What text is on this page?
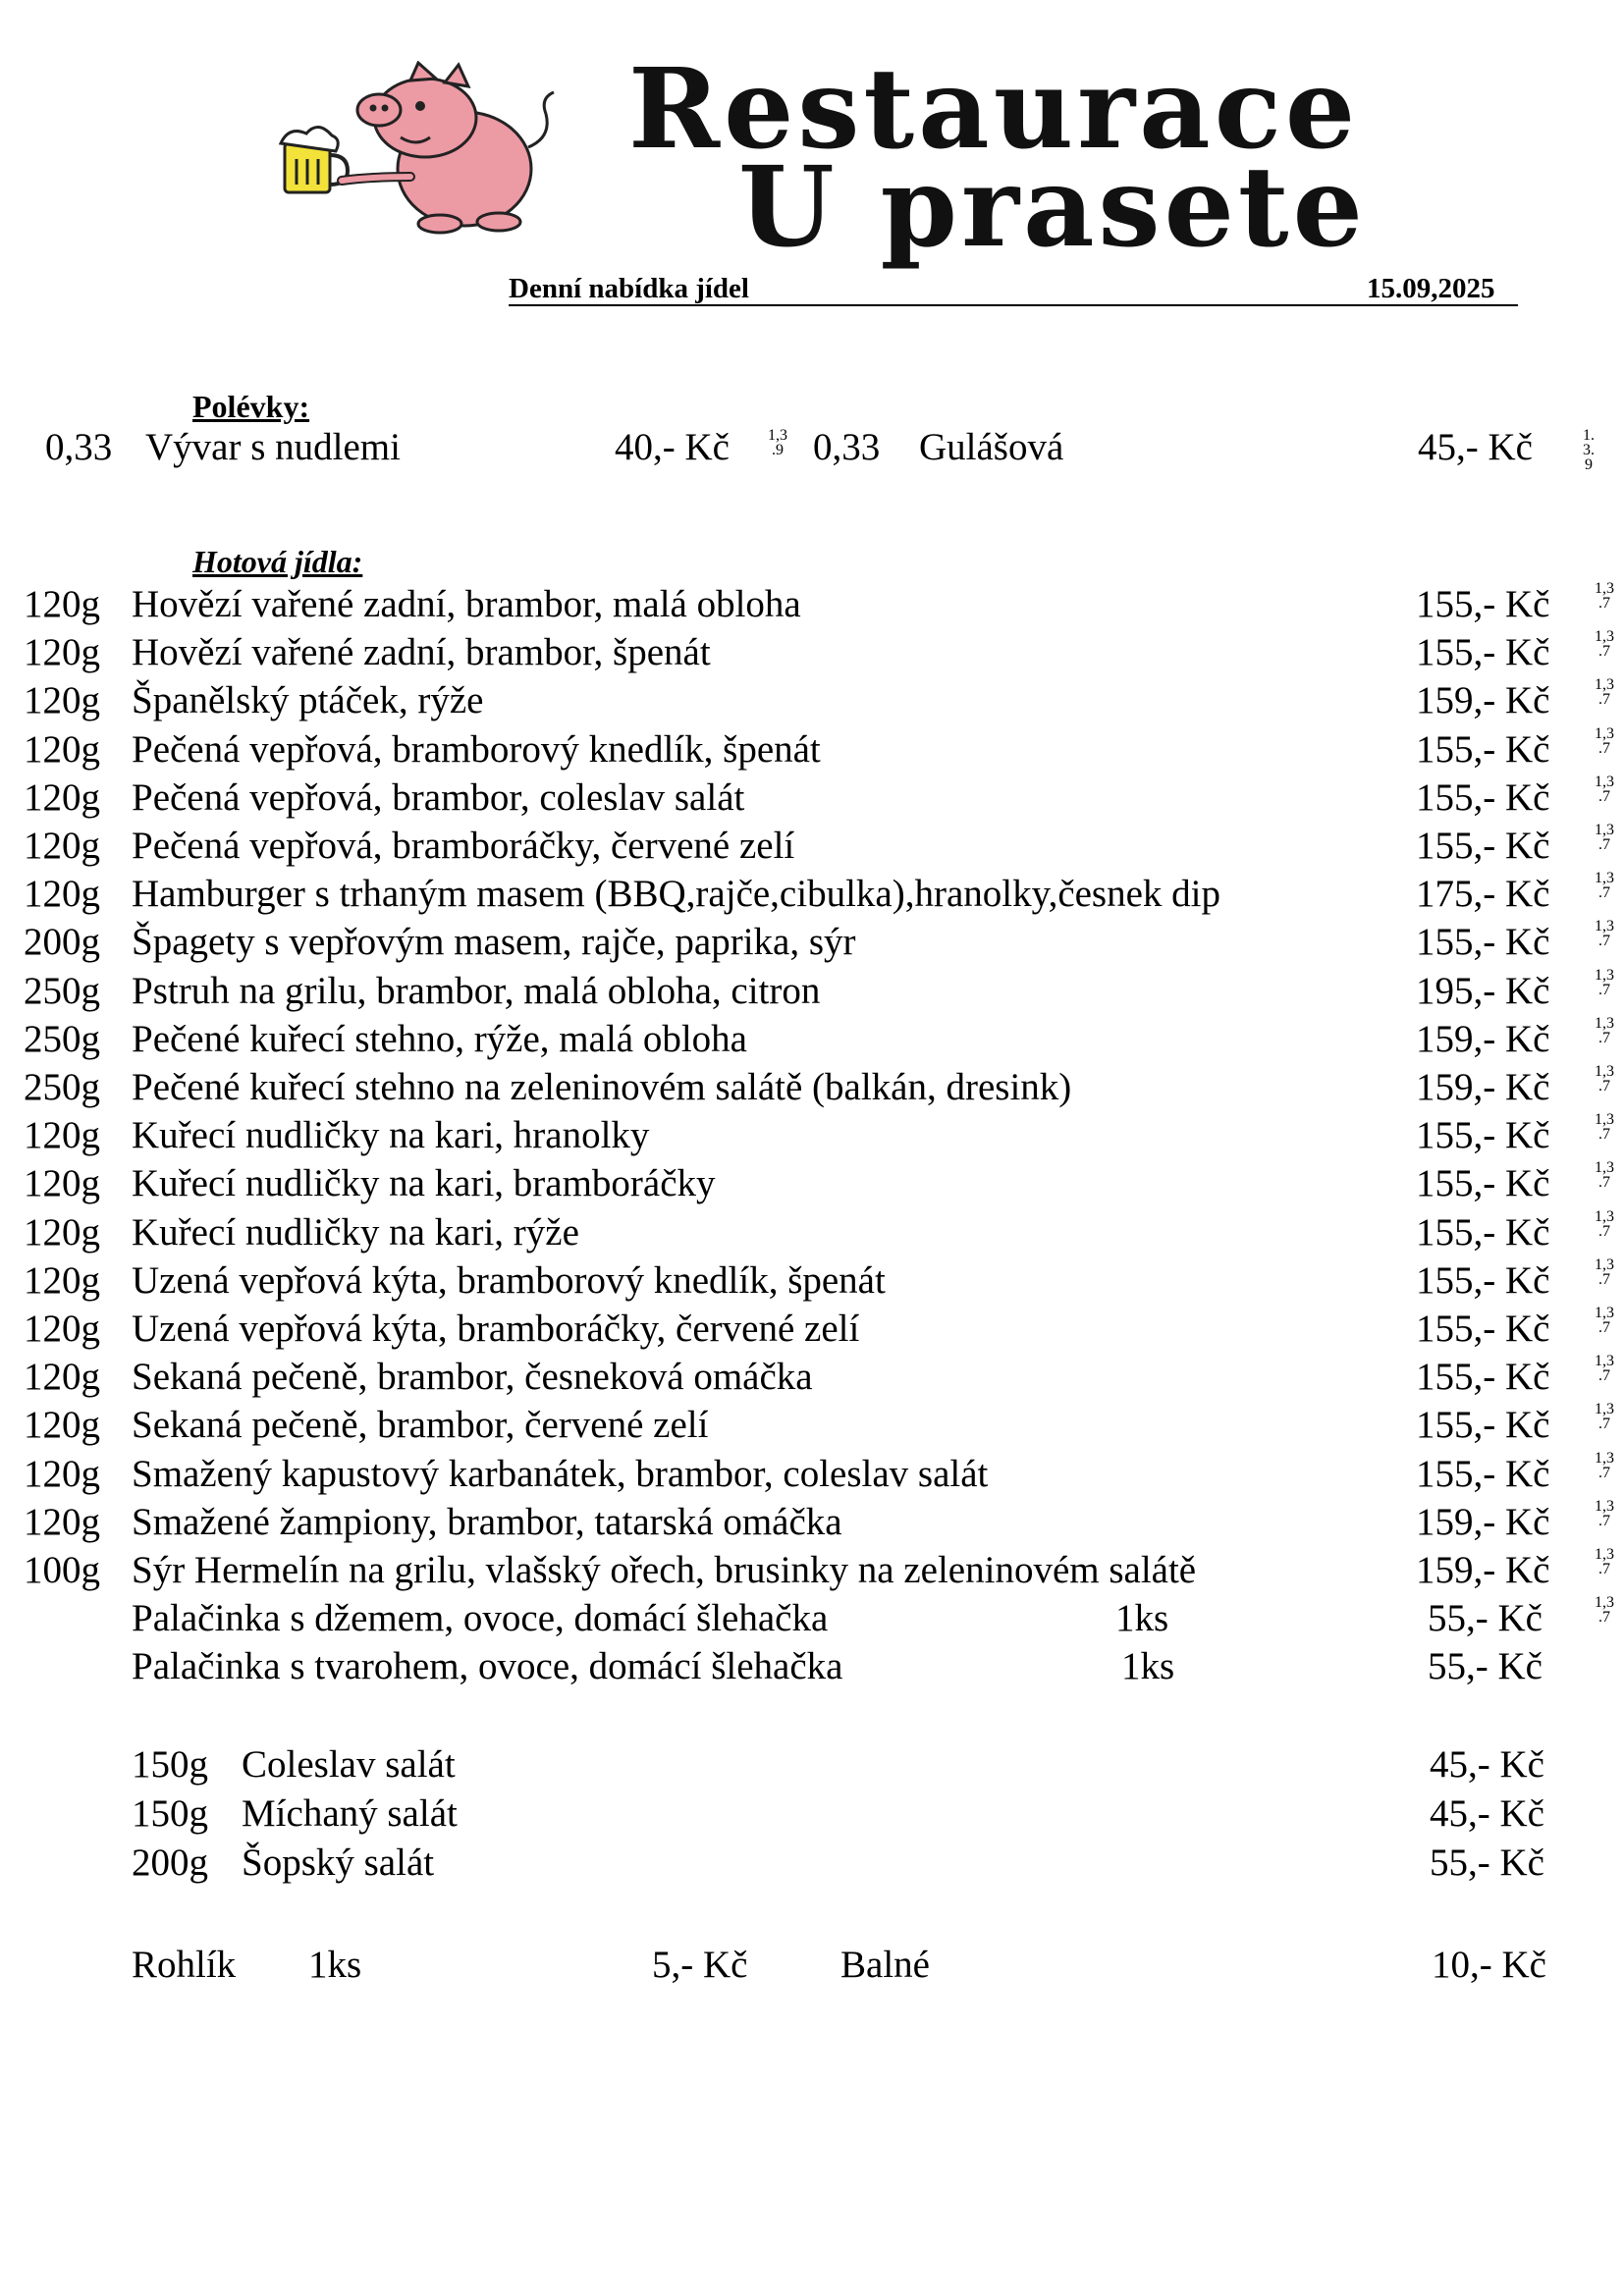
Restaurace
U prasete
Denní nabídka jídel	15.09,2025
Polévky:
0,33 Vývar s nudlemi	40,- Kč 1,3
.9 0,33 Gulášová	45,- Kč	1.
3.
9
Hotová jídla:
120g Hovězí vařené zadní, brambor, malá obloha	155,- Kč	1,3
.7
120g Hovězí vařené zadní, brambor, špenát	155,- Kč	1,3
.7
120g Španělský ptáček, rýže	159,- Kč	1,3
.7
120g Pečená vepřová, bramborový knedlík, špenát	155,- Kč	1,3
.7
120g Pečená vepřová, brambor, coleslav salát	155,- Kč	1,3
.7
120g Pečená vepřová, bramboráčky, červené zelí	155,- Kč	1,3
.7
120g Hamburger s trhaným masem (BBQ,rajče,cibulka),hranolky,česnek dip	175,- Kč	1,3
.7
200g Špagety s vepřovým masem, rajče, paprika, sýr	155,- Kč	1,3
.7
250g Pstruh na grilu, brambor, malá obloha, citron	195,- Kč	1,3
.7
250g Pečené kuřecí stehno, rýže, malá obloha	159,- Kč	1,3
.7
250g Pečené kuřecí stehno na zeleninovém salátě (balkán, dresink)	159,- Kč	1,3
.7
120g Kuřecí nudličky na kari, hranolky	155,- Kč	1,3
.7
120g Kuřecí nudličky na kari, bramboráčky	155,- Kč	1,3
.7
120g Kuřecí nudličky na kari, rýže	155,- Kč	1,3
.7
120g Uzená vepřová kýta, bramborový knedlík, špenát	155,- Kč	1,3
.7
120g Uzená vepřová kýta, bramboráčky, červené zelí	155,- Kč	1,3
.7
120g Sekaná pečeně, brambor, česneková omáčka	155,- Kč	1,3
.7
120g Sekaná pečeně, brambor, červené zelí	155,- Kč	1,3
.7
120g Smažený kapustový karbanátek, brambor, coleslav salát	155,- Kč	1,3
.7
120g Smažené žampiony, brambor, tatarská omáčka	159,- Kč	1,3
.7
100g Sýr Hermelín na grilu, vlašský ořech, brusinky na zeleninovém salátě	159,- Kč	1,3
.7
Palačinka s džemem, ovoce, domácí šlehačka	1ks	55,- Kč	1,3
.7
Palačinka s tvarohem, ovoce, domácí šlehačka	1ks	55,- Kč
150g Coleslav salát	45,- Kč
150g Míchaný salát	45,- Kč
200g Šopský salát	55,- Kč
Rohlík 1ks	5,- Kč Balné	10,- Kč
